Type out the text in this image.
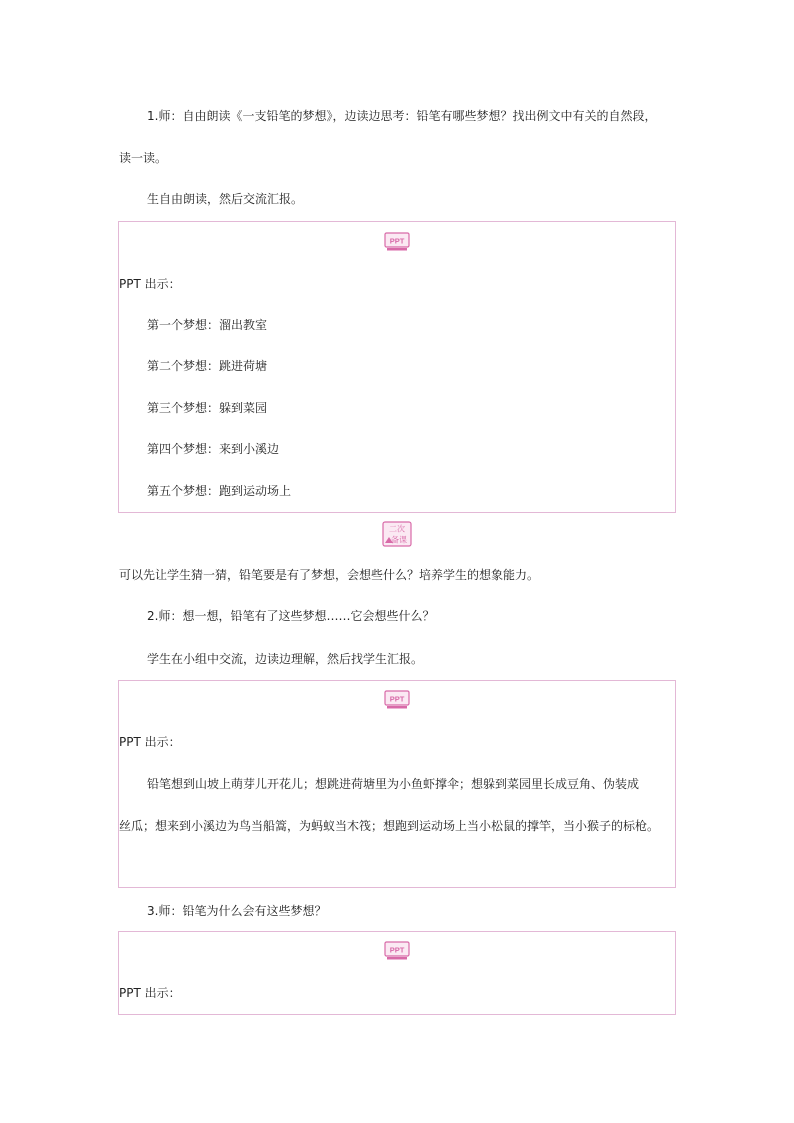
1.师：自由朗读《一支铅笔的梦想》，边读边思考：铅笔有哪些梦想？找出例文中有关的自然段，
读一读。
生自由朗读，然后交流汇报。
PPT
PPT 出示：
第一个梦想：溜出教室
第二个梦想：跳进荷塘
第三个梦想：躲到菜园
第四个梦想：来到小溪边
第五个梦想：跑到运动场上
二次
备课
可以先让学生猜一猜，铅笔要是有了梦想，会想些什么？培养学生的想象能力。
2.师：想一想，铅笔有了这些梦想……它会想些什么？
学生在小组中交流，边读边理解，然后找学生汇报。
PPT
PPT 出示：
铅笔想到山坡上萌芽儿开花儿；想跳进荷塘里为小鱼虾撑伞；想躲到菜园里长成豆角、伪装成
丝瓜；想来到小溪边为鸟当船篙，为蚂蚁当木筏；想跑到运动场上当小松鼠的撑竿，当小猴子的标枪。
3.师：铅笔为什么会有这些梦想？
PPT
PPT 出示：
